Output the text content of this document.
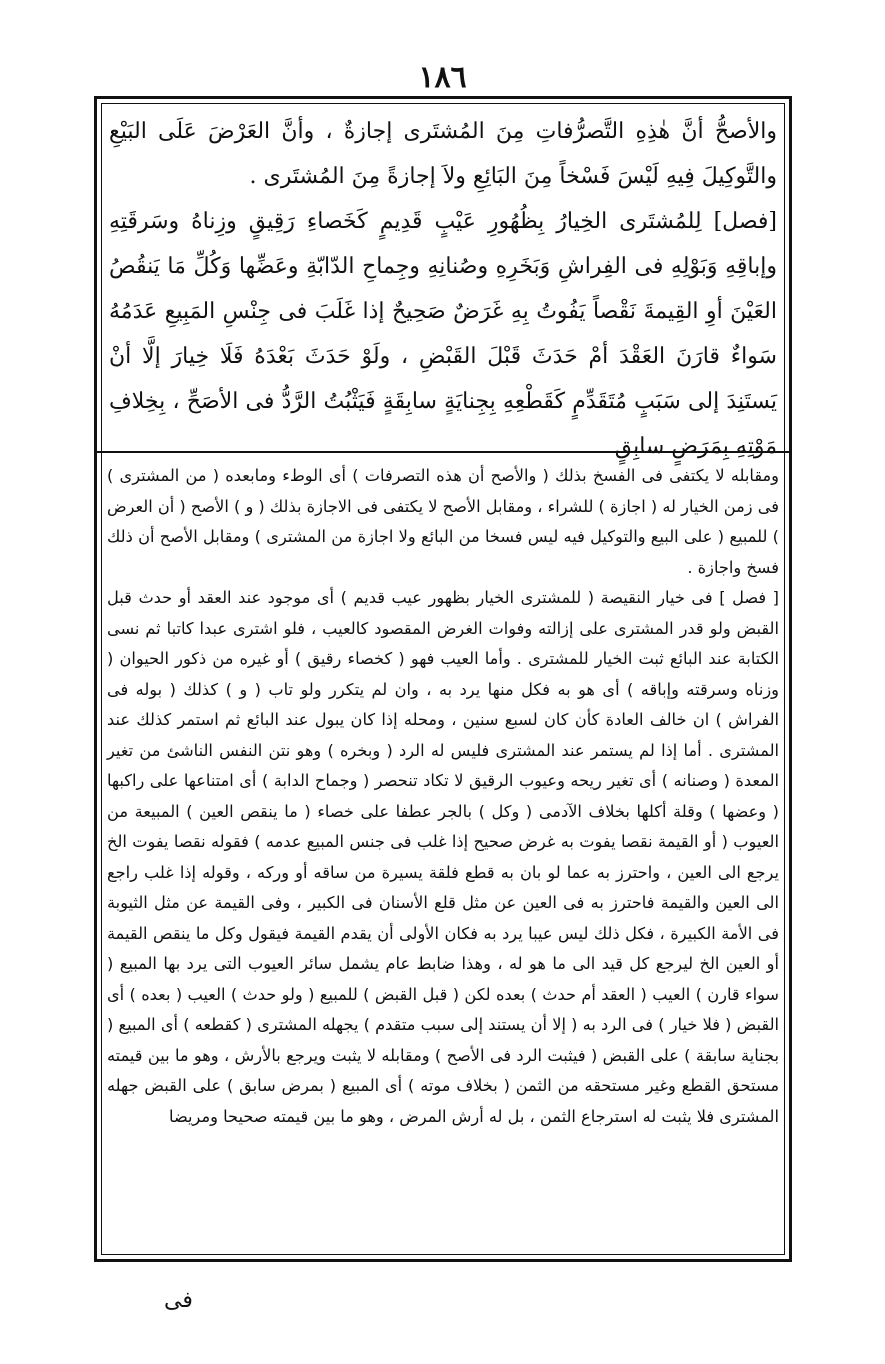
١٨٦

والأصحُّ أنَّ هٰذِهِ التَّصرُّفاتِ مِنَ المُشتَرى إجازةٌ ، وأنَّ العَرْضَ عَلَى البَيْعِ والتَّوكِيلَ فِيهِ لَيْسَ فَسْخاً مِنَ البَائِعِ ولاَ إجازةً مِنَ المُشتَرى .

[فصل] لِلمُشتَرى الخِيارُ بِظُهُورِ عَيْبٍ قَدِيمٍ كَخَصاءِ رَقِيقٍ وزِناهُ وسَرقَتِهِ وإباقِهِ وَبَوْلِهِ فى الفِراشِ وَبَخَرِهِ وصُنانِهِ وجِماحِ الدّابّةِ وعَضِّها وَكُلِّ مَا يَنقُصُ العَيْنَ أوِ القِيمةَ نَقْصاً يَفُوتُ بِهِ غَرَضٌ صَحِيحٌ إذا غَلَبَ فى جِنْسِ المَبِيعِ عَدَمُهُ سَواءٌ قارَنَ العَقْدَ أمْ حَدَثَ قَبْلَ القَبْضِ ، ولَوْ حَدَثَ بَعْدَهُ فَلَا خِيارَ إلَّا أنْ يَستَنِدَ إلى سَبَبٍ مُتَقَدِّمٍ كَقَطْعِهِ بِجِنايَةٍ سابِقَةٍ فَيَثْبُتُ الرَّدُّ فى الأصَحِّ ، بِخِلافِ مَوْتِهِ بِمَرَضٍ سابِقٍ

ومقابله لا يكتفى فى الفسخ بذلك ( والأصح أن هذه التصرفات ) أى الوطء ومابعده ( من المشترى ) فى زمن الخيار له ( اجازة ) للشراء ، ومقابل الأصح لا يكتفى فى الاجازة بذلك ( و ) الأصح ( أن العرض ) للمبيع ( على البيع والتوكيل فيه ليس فسخا من البائع ولا اجازة من المشترى ) ومقابل الأصح أن ذلك فسخ واجازة .

[ فصل ] فى خيار النقيصة ( للمشترى الخيار بظهور عيب قديم ) أى موجود عند العقد أو حدث قبل القبض ولو قدر المشترى على إزالته وفوات الغرض المقصود كالعيب ، فلو اشترى عبدا كاتبا ثم نسى الكتابة عند البائع ثبت الخيار للمشترى . وأما العيب فهو ( كخصاء رقيق ) أو غيره من ذكور الحيوان ( وزناه وسرقته وإباقه ) أى هو به فكل منها يرد به ، وان لم يتكرر ولو تاب ( و ) كذلك ( بوله فى الفراش ) ان خالف العادة كأن كان لسبع سنين ، ومحله إذا كان يبول عند البائع ثم استمر كذلك عند المشترى . أما إذا لم يستمر عند المشترى فليس له الرد ( وبخره ) وهو نتن النفس الناشئ من تغير المعدة ( وصنانه ) أى تغير ريحه وعيوب الرقيق لا تكاد تنحصر ( وجماح الدابة ) أى امتناعها على راكبها ( وعضها ) وقلة أكلها بخلاف الآدمى ( وكل ) بالجر عطفا على خصاء ( ما ينقص العين ) المبيعة من العيوب ( أو القيمة نقصا يفوت به غرض صحيح إذا غلب فى جنس المبيع عدمه ) فقوله نقصا يفوت الخ يرجع الى العين ، واحترز به عما لو بان به قطع فلقة يسيرة من ساقه أو وركه ، وقوله إذا غلب راجع الى العين والقيمة فاحترز به فى العين عن مثل قلع الأسنان فى الكبير ، وفى القيمة عن مثل الثيوبة فى الأمة الكبيرة ، فكل ذلك ليس عيبا يرد به فكان الأولى أن يقدم القيمة فيقول وكل ما ينقص القيمة أو العين الخ ليرجع كل قيد الى ما هو له ، وهذا ضابط عام يشمل سائر العيوب التى يرد بها المبيع ( سواء قارن ) العيب ( العقد أم حدث ) بعده لكن ( قبل القبض ) للمبيع ( ولو حدث ) العيب ( بعده ) أى القبض ( فلا خيار ) فى الرد به ( إلا أن يستند إلى سبب متقدم ) يجهله المشترى ( كقطعه ) أى المبيع ( بجناية سابقة ) على القبض ( فيثبت الرد فى الأصح ) ومقابله لا يثبت ويرجع بالأرش ، وهو ما بين قيمته مستحق القطع وغير مستحقه من الثمن ( بخلاف موته ) أى المبيع ( بمرض سابق ) على القبض جهله المشترى فلا يثبت له استرجاع الثمن ، بل له أرش المرض ، وهو ما بين قيمته صحيحا ومريضا

فى
